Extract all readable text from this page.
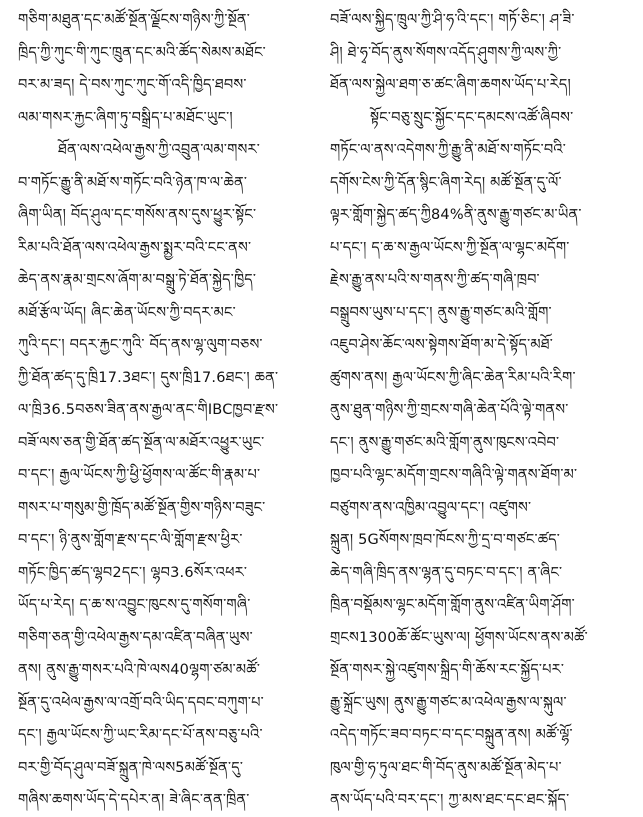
གཅིག་མཐུན་དང་མཚོ་སྔོན་ལྗོངས་གཉིས་ཀྱི་སྔོན་
ཁྲིད་ཀྱི་ཀུང་གི་ཀུང་ཁྲུན་དང་མའི་ཚོད་སེམས་མཐོང་
བར་མ་ཟད། དེ་བས་ཀུང་ཀུང་གོ་འདི་ཁྱིད་ཐབས་
ལམ་གསར་རྐྱང་ཞིག་ཏུ་བསྒྲིད་པ་མཐོང་ཡུང་།
ཐོན་ལས་འཕེལ་རྒྱས་ཀྱི་འབྲུན་ལམ་གསར་
བ་གཏོང་རྒྱུ་ནི་མཐོ་ས་གཏོང་བའི་ཉེན་ཁ་ལ་ཆེན་
ཞིག་ཡིན། བོད་ཤུལ་དང་གསོས་ནས་དུས་ཕྱུར་སྟོང་
རིམ་པའི་ཐོན་ལས་འཕེལ་རྒྱས་སྨྱར་བའི་ངང་ནས་
ཆེད་ནས་རྣམ་གྲངས་ཞོག་མ་བསྒྲུ་ཏེ་ཐོན་སྐྱེད་ཁྱིད་
མཐོ་རྩོལ་ཡོད། ཞིང་ཆེན་ཡོངས་ཀྱི་བདར་མང་
ཀུའི་དང་། བདར་རྐྱང་ཀུའི་ བོད་ནས་ལྷ་ལུག་བཅས་
ཀྱི་ཐོན་ཚད་དུ་ཁྲི17.3ཐང་། དུས་ཁྲི17.6ཐང་། ཆན་
ལ་ཁྲི36.5བཅས་ཟིན་ནས་རྒྱལ་ནང་གིIBCཁྱབ་རྫས་
བཟོ་ལས་ཅན་གྱི་ཐོན་ཚད་སྔོན་ལ་མཐོར་འཕྱུར་ཡུང་
བ་དང་། རྒྱལ་ཡོངས་ཀྱི་ཕྱི་ཕྱོགས་ལ་ཚོང་གི་རྣམ་པ་
གསར་པ་གསུམ་གྱི་ཁྲོད་མཚོ་སྔོན་གྱིས་གཉིས་བཟུང་
བ་དང་། ཉི་ནུས་གློག་རྫས་དང་ལི་གློག་རྫས་ཕྱིར་
གཏོང་ཁྱིད་ཚད་ལྷབ2དང་། ལྷབ3.6སོར་འཕར་
ཡོད་པ་རེད། ད་ཆ་ས་འབྱུང་ཁུངས་དུ་གསོག་གཞི་
གཅིག་ཅན་གྱི་འཕེལ་རྒྱས་དམ་འཛིན་བཞིན་ཡུས་
ནས། ནུས་རྒྱུ་གསར་པའི་ཁེ་ལས40ལྷག་ཙམ་མཚོ་
སྔོན་དུ་འཕེལ་རྒྱས་ལ་འགྲོ་བའི་ཡིད་དབང་བཀུག་པ་
དང་། རྒྱལ་ཡོངས་ཀྱི་ཡང་རིམ་དང་པོ་ནས་བཅུ་པའི་
བར་གྱི་བོད་ཤུལ་བཟོ་སྐྲུན་ཁེ་ལས5མཚོ་སྔོན་དུ་
གཞིས་ཆགས་ཡོད་དེ་དཔེར་ན། ཟེ་ཞིང་ནན་ཁྲིན་
བཟོ་ལས་སྐྱིད་ཁྲུལ་ཀྱི་ཤི་ཧ་འི་དང་། གཏོ་ཅིང་། ཤ་ཟི་
ཤི། ཐེ་ཧྭ་བོད་ནུས་སོགས་འདོད་ཤུགས་ཀྱི་ལས་ཀྱི་
ཐོན་ལས་སྐྱེལ་ཐག་ཅ་ཚང་ཞིག་ཆགས་ཡོད་པ་རེད།
སྟོང་བཅུ་སྲུང་སྐྱོང་དང་དམངས་འཚོ་ཞིབས་
གཏོང་ལ་ནས་འདེགས་ཀྱི་རྒྱུ་ནི་མཐོ་ས་གཏོང་བའི་
དགོས་ངེས་ཀྱི་དོན་སྙིང་ཞིག་རེད། མཚོ་སྔོན་དུ་ལོ་
ལྟར་གློག་སྐྱེད་ཚད་ཀྱི84%ནི་ནུས་རྒྱུ་གཙང་མ་ཡིན་
པ་དང་། ད་ཆ་ས་རྒྱལ་ཡོངས་ཀྱི་སྔོན་ལ་ལྷང་མདོག་
རྗེས་རྒྱུ་ནས་པའི་ས་གནས་ཀྱི་ཚད་གཞི་ཁྲབ་
བསྒྲུབས་ཡུས་པ་དང་། ནུས་རྒྱུ་གཙང་མའི་གློག་
འཇུབ་ཤེས་ཆོང་ལས་སྟེགས་ཐོག་མ་དེ་སྟོད་མཐོ་
ཚུགས་ནས། རྒྱལ་ཡོངས་ཀྱི་ཞིང་ཆེན་རིམ་པའི་རིག་
ནུས་ཐུན་གཉིས་ཀྱི་གྲངས་གཞི་ཆེན་པོའི་ལྟེ་གནས་
དང་། ནུས་རྒྱུ་གཙང་མའི་གློག་ནུས་ཁུངས་འབེབ་
ཁྱབ་པའི་ལྷང་མདོག་གྲངས་གཞིའི་ལྟེ་གནས་ཐོག་མ་
བཙུགས་ནས་འཁྱིམ་འབྱུལ་དང་། འཛུགས་
སྐྲུན། 5Gསོགས་ཁྲབ་ཁོངས་ཀྱི་དྲ་བ་གཙང་ཚད་
ཆེད་གཞི་ཁྲིད་ནས་ལྷན་དུ་བཏང་བ་དང་། ན་ཞིང་
ཁྲིན་བསྡོམས་ལྷང་མདོག་གློག་ནུས་འཛིན་ཡིག་ཤོག་
གྲངས1300ཆོ་ཚོང་ཡུས་ལ། ཕྱོགས་ཡོངས་ནས་མཚོ་
སྔོན་གསར་སྐྱེ་འཛུགས་སྐྲིད་གི་ཆོས་རང་སྐྱོད་པར་
རྒྱུ་སྐྲོང་ཡུས། ནུས་རྒྱུ་གཙང་མ་འཕེལ་རྒྱས་ལ་སྐུལ་
འདེད་གཏོང་ཟབ་བཏང་བ་དང་བསྐྲུན་ནས། མཚོ་ལྷོ་
ཁུལ་གྱི་ཧ་ཏུལ་ཐང་གི་བོད་ནུས་མཚོ་སྔོན་མེད་པ་
ནས་ཡོད་པའི་བར་དང་། ཀྱ་མས་ཐང་དང་ཐང་སྐོད་
